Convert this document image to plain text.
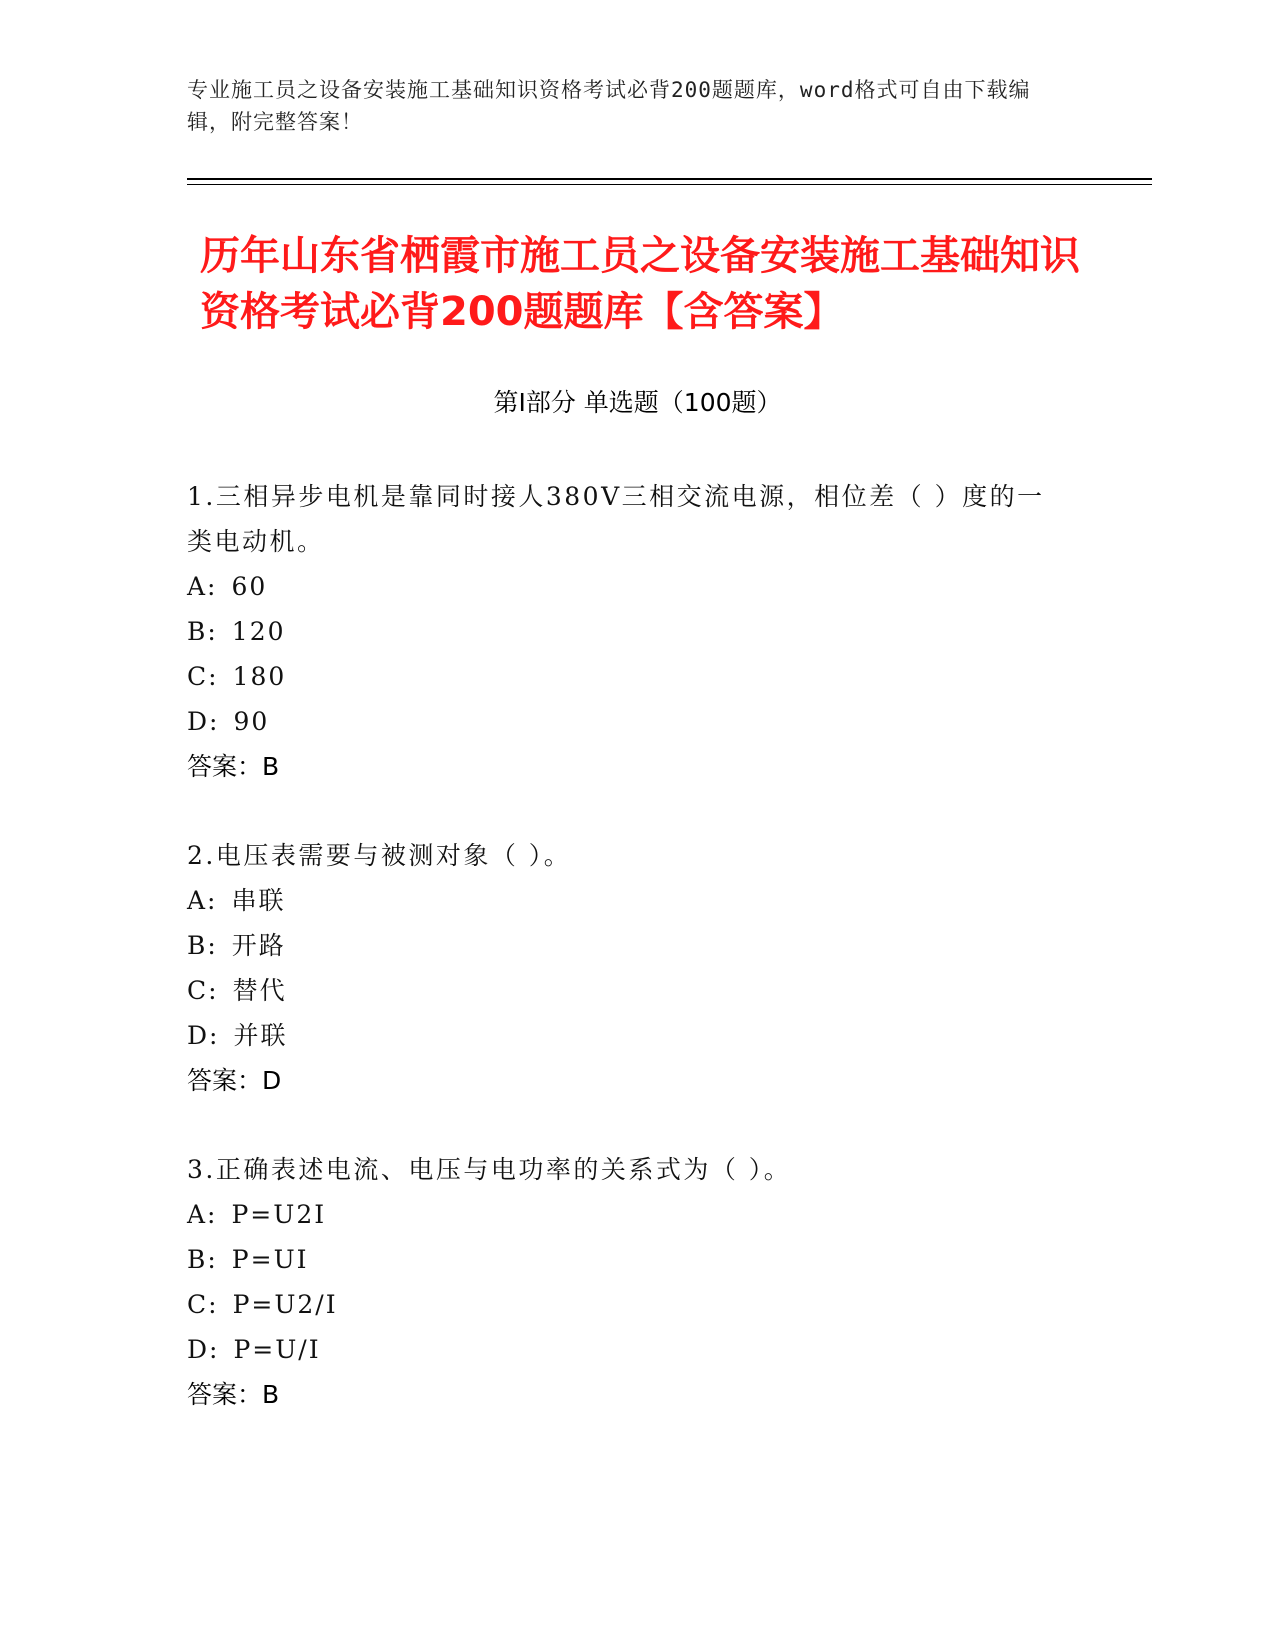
专业施工员之设备安装施工基础知识资格考试必背200题题库，word格式可自由下载编辑，附完整答案！
历年山东省栖霞市施工员之设备安装施工基础知识资格考试必背200题题库【含答案】
第Ⅰ部分 单选题（100题）
1.三相异步电机是靠同时接人380V三相交流电源，相位差（ ）度的一类电动机。
A: 60
B: 120
C: 180
D: 90
答案：B
2.电压表需要与被测对象（ ）。
A: 串联
B: 开路
C: 替代
D: 并联
答案：D
3.正确表述电流、电压与电功率的关系式为（ ）。
A: P=U2I
B: P=UI
C: P=U2/I
D: P=U/I
答案：B
